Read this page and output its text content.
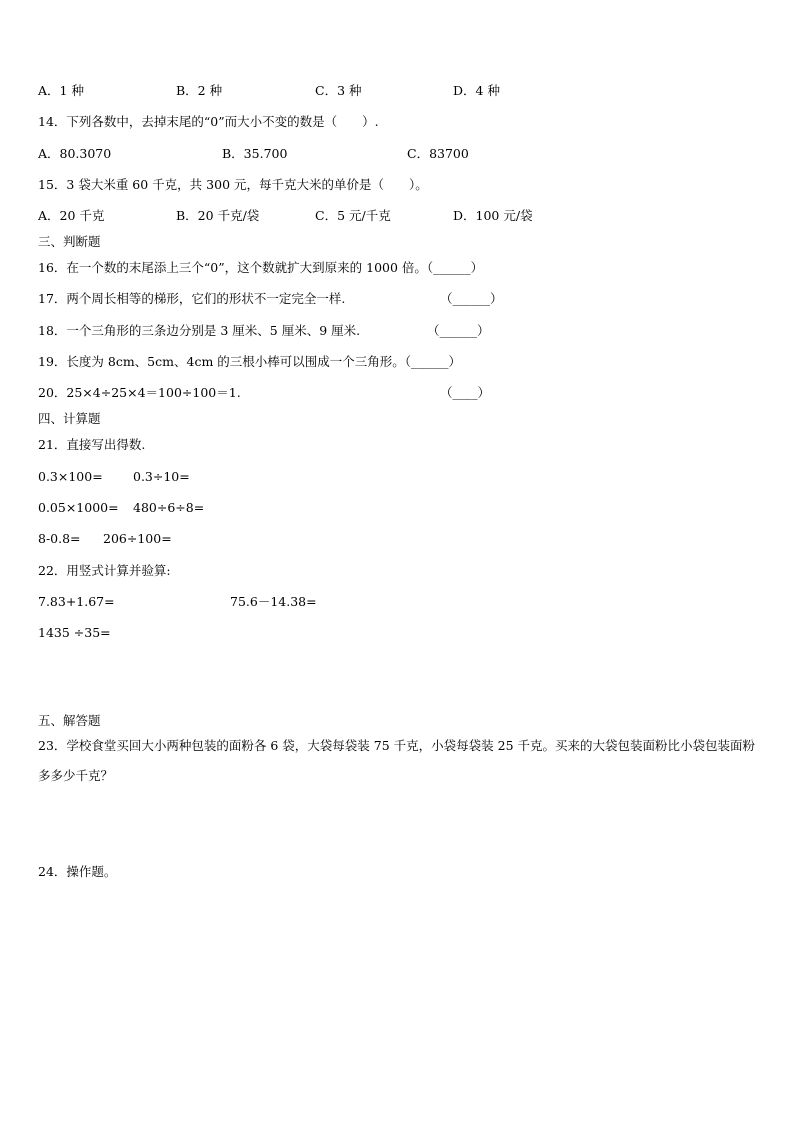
A．1 种	B．2 种	C．3 种	D．4 种
14．下列各数中，去掉末尾的“0”而大小不变的数是（　　）.
A．80.3070	B．35.700	C．83700
15．3 袋大米重 60 千克，共 300 元，每千克大米的单价是（　　）。
A．20 千克	B．20 千克/袋	C．5 元/千克	D．100 元/袋
三、判断题
16．在一个数的末尾添上三个“0”，这个数就扩大到原来的 1000 倍。（______）
17．两个周长相等的梯形，它们的形状不一定完全一样.	（______）
18．一个三角形的三条边分别是 3 厘米、5 厘米、9 厘米.	（______）
19．长度为 8cm、5cm、4cm 的三根小棒可以围成一个三角形。（______）
20．25×4÷25×4＝100÷100＝1.	（____）
四、计算题
21．直接写出得数.
0.3×100= 0.3÷10=
0.05×1000= 480÷6÷8=
8-0.8= 206÷100=
22．用竖式计算并验算:
7.83+1.67=	75.6－14.38=
1435 ÷35=
五、解答题
23．学校食堂买回大小两种包装的面粉各 6 袋，大袋每袋装 75 千克，小袋每袋装 25 千克。买来的大袋包装面粉比小袋包装面粉多多少千克？
24．操作题。
